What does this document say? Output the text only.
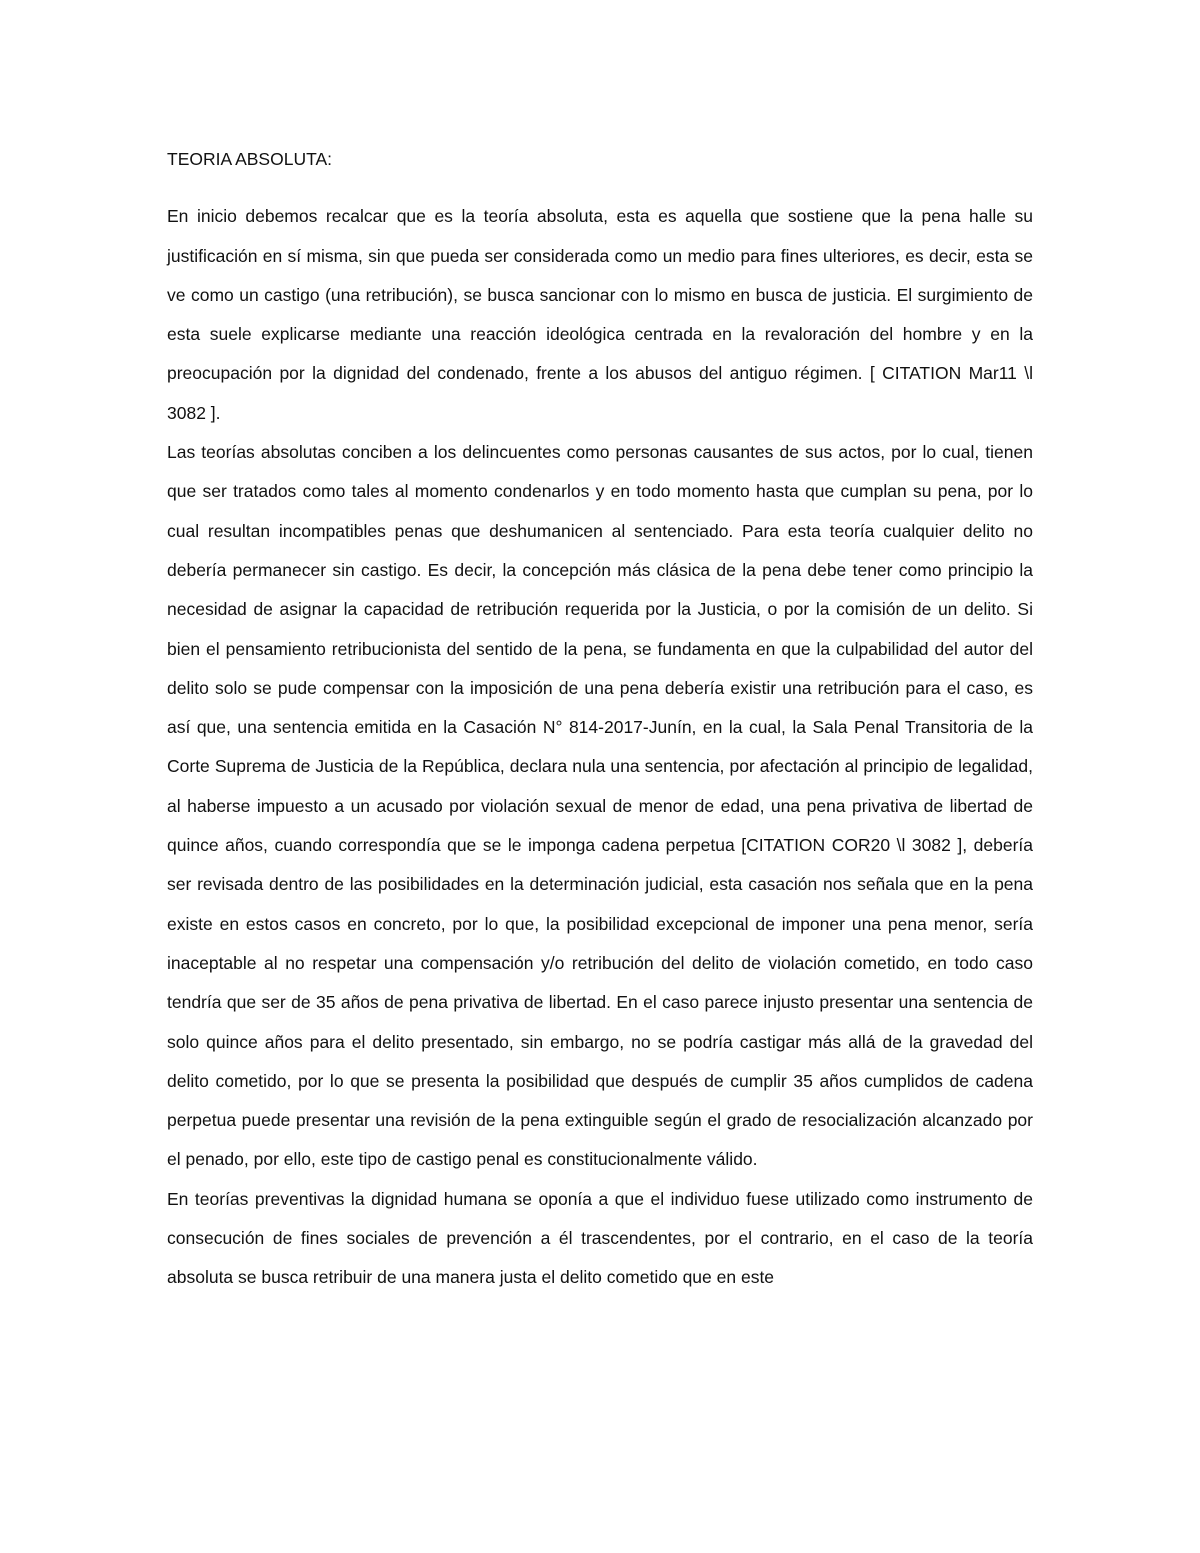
TEORIA ABSOLUTA:

En inicio debemos recalcar que es la teoría absoluta, esta es aquella que sostiene que la pena halle su justificación en sí misma, sin que pueda ser considerada como un medio para fines ulteriores, es decir, esta se ve como un castigo (una retribución), se busca sancionar con lo mismo en busca de justicia. El surgimiento de esta suele explicarse mediante una reacción ideológica centrada en la revaloración del hombre y en la preocupación por la dignidad del condenado, frente a los abusos del antiguo régimen. [ CITATION Mar11 \l 3082 ].

Las teorías absolutas conciben a los delincuentes como personas causantes de sus actos, por lo cual, tienen que ser tratados como tales al momento condenarlos y en todo momento hasta que cumplan su pena, por lo cual resultan incompatibles penas que deshumanicen al sentenciado. Para esta teoría cualquier delito no debería permanecer sin castigo. Es decir, la concepción más clásica de la pena debe tener como principio la necesidad de asignar la capacidad de retribución requerida por la Justicia, o por la comisión de un delito. Si bien el pensamiento retribucionista del sentido de la pena, se fundamenta en que la culpabilidad del autor del delito solo se pude compensar con la imposición de una pena debería existir una retribución para el caso, es así que, una sentencia emitida en la Casación N° 814-2017-Junín, en la cual, la Sala Penal Transitoria de la Corte Suprema de Justicia de la República, declara nula una sentencia, por afectación al principio de legalidad, al haberse impuesto a un acusado por violación sexual de menor de edad, una pena privativa de libertad de quince años, cuando correspondía que se le imponga cadena perpetua [CITATION COR20 \l 3082 ], debería ser revisada dentro de las posibilidades en la determinación judicial, esta casación nos señala que en la pena existe en estos casos en concreto, por lo que, la posibilidad excepcional de imponer una pena menor, sería inaceptable al no respetar una compensación y/o retribución del delito de violación cometido, en todo caso tendría que ser de 35 años de pena privativa de libertad. En el caso parece injusto presentar una sentencia de solo quince años para el delito presentado, sin embargo, no se podría castigar más allá de la gravedad del delito cometido, por lo que se presenta la posibilidad que después de cumplir 35 años cumplidos de cadena perpetua puede presentar una revisión de la pena extinguible según el grado de resocialización alcanzado por el penado, por ello, este tipo de castigo penal es constitucionalmente válido.

En teorías preventivas la dignidad humana se oponía a que el individuo fuese utilizado como instrumento de consecución de fines sociales de prevención a él trascendentes, por el contrario, en el caso de la teoría absoluta se busca retribuir de una manera justa el delito cometido que en este
